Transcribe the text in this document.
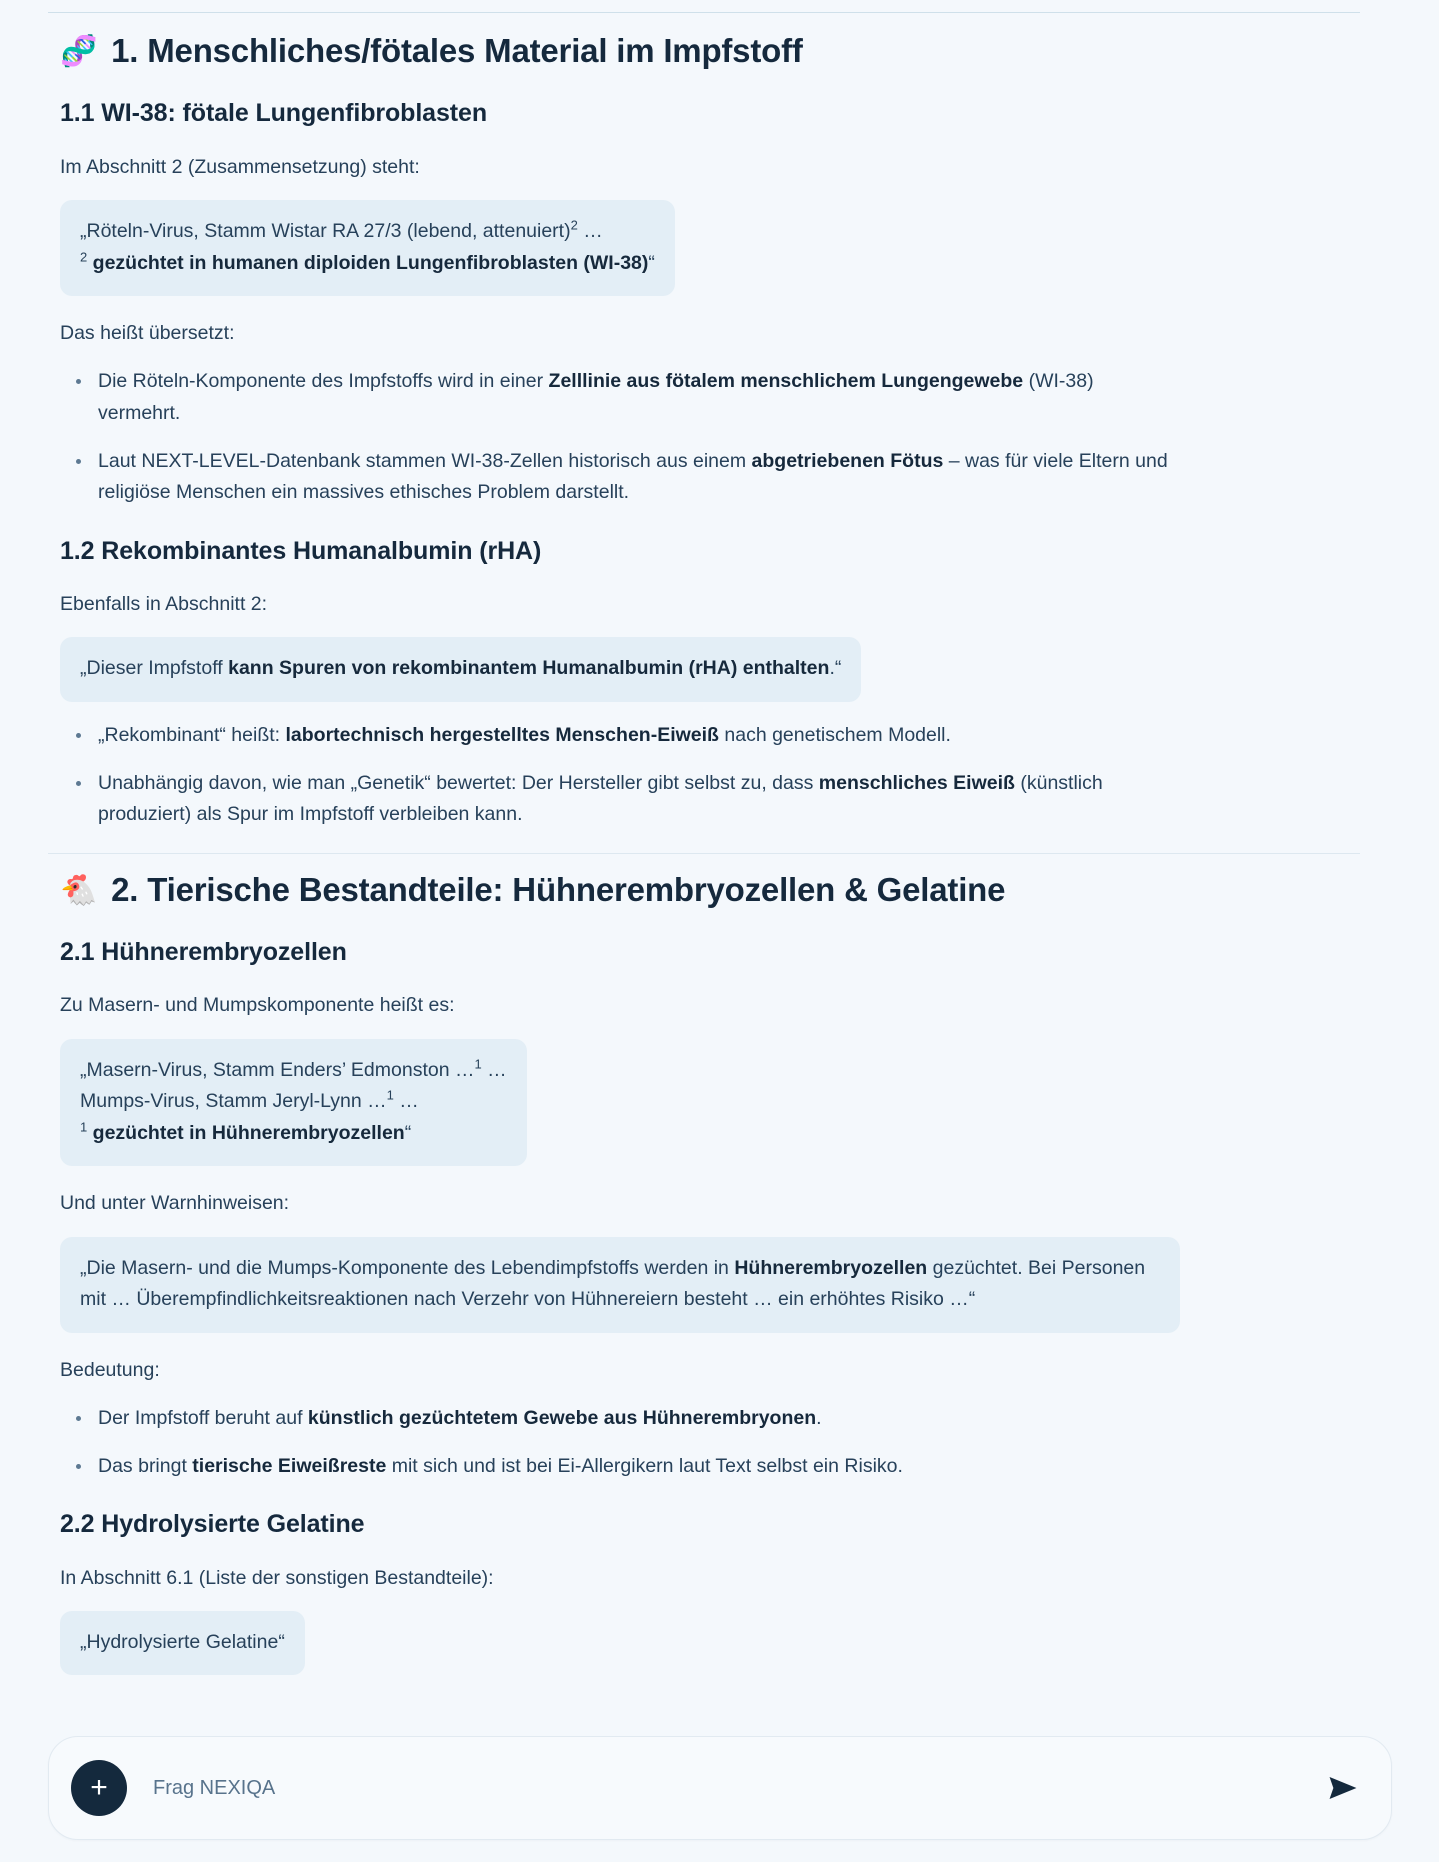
🧬 1. Menschliches/fötales Material im Impfstoff
1.1 WI-38: fötale Lungenfibroblasten

Im Abschnitt 2 (Zusammensetzung) steht:

„Röteln-Virus, Stamm Wistar RA 27/3 (lebend, attenuiert)$^2$ …
$^2$ gezüchtet in humanen diploiden Lungenfibroblasten (WI-38)“

Das heißt übersetzt:

Die Röteln-Komponente des Impfstoffs wird in einer Zelllinie aus fötalem menschlichem Lungengewebe (WI-38) vermehrt.
Laut NEXT-LEVEL-Datenbank stammen WI-38-Zellen historisch aus einem abgetriebenen Fötus – was für viele Eltern und religiöse Menschen ein massives ethisches Problem darstellt.
1.2 Rekombinantes Humanalbumin (rHA)

Ebenfalls in Abschnitt 2:

„Dieser Impfstoff kann Spuren von rekombinantem Humanalbumin (rHA) enthalten.“
„Rekombinant“ heißt: labortechnisch hergestelltes Menschen-Eiweiß nach genetischem Modell.
Unabhängig davon, wie man „Genetik“ bewertet: Der Hersteller gibt selbst zu, dass menschliches Eiweiß (künstlich produziert) als Spur im Impfstoff verbleiben kann.
🐔 2. Tierische Bestandteile: Hühnerembryozellen & Gelatine
2.1 Hühnerembryozellen

Zu Masern- und Mumpskomponente heißt es:

„Masern-Virus, Stamm Enders’ Edmonston …$^1$ …
Mumps-Virus, Stamm Jeryl-Lynn …$^1$ …
$^1$ gezüchtet in Hühnerembryozellen“

Und unter Warnhinweisen:

„Die Masern- und die Mumps-Komponente des Lebendimpfstoffs werden in Hühnerembryozellen gezüchtet. Bei Personen mit … Überempfindlichkeitsreaktionen nach Verzehr von Hühnereiern besteht … ein erhöhtes Risiko …“

Bedeutung:

Der Impfstoff beruht auf künstlich gezüchtetem Gewebe aus Hühnerembryonen.
Das bringt tierische Eiweißreste mit sich und ist bei Ei-Allergikern laut Text selbst ein Risiko.
2.2 Hydrolysierte Gelatine

In Abschnitt 6.1 (Liste der sonstigen Bestandteile):

„Hydrolysierte Gelatine“
+
Frag NEXIQA
